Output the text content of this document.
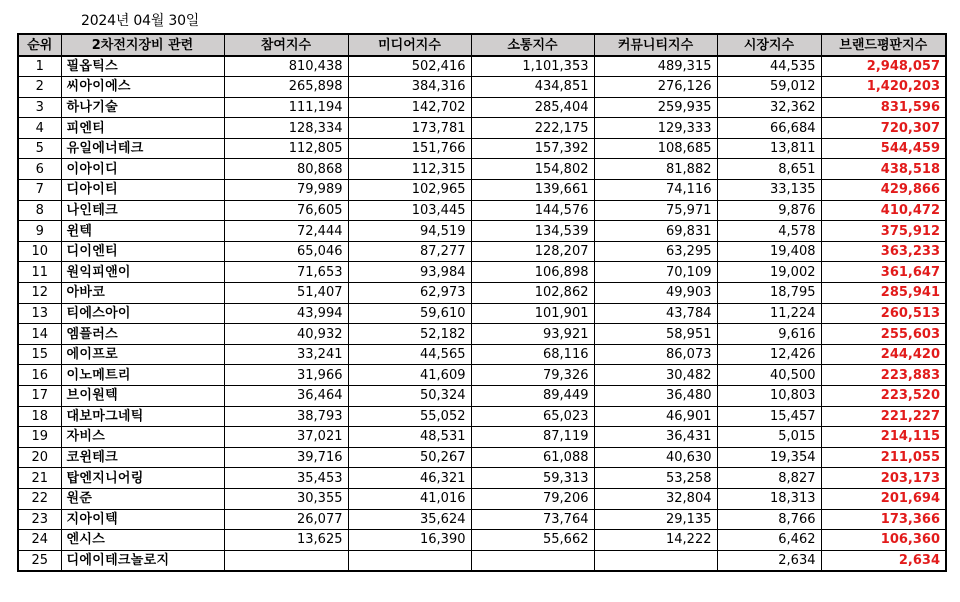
2024년 04월 30일
순위	2차전지장비 관련	참여지수	미디어지수	소통지수	커뮤니티지수	시장지수	브랜드평판지수
1	필옵틱스	810,438	502,416	1,101,353	489,315	44,535	2,948,057
2	씨아이에스	265,898	384,316	434,851	276,126	59,012	1,420,203
3	하나기술	111,194	142,702	285,404	259,935	32,362	831,596
4	피엔티	128,334	173,781	222,175	129,333	66,684	720,307
5	유일에너테크	112,805	151,766	157,392	108,685	13,811	544,459
6	이아이디	80,868	112,315	154,802	81,882	8,651	438,518
7	디아이티	79,989	102,965	139,661	74,116	33,135	429,866
8	나인테크	76,605	103,445	144,576	75,971	9,876	410,472
9	윈텍	72,444	94,519	134,539	69,831	4,578	375,912
10	디이엔티	65,046	87,277	128,207	63,295	19,408	363,233
11	원익피앤이	71,653	93,984	106,898	70,109	19,002	361,647
12	아바코	51,407	62,973	102,862	49,903	18,795	285,941
13	티에스아이	43,994	59,610	101,901	43,784	11,224	260,513
14	엠플러스	40,932	52,182	93,921	58,951	9,616	255,603
15	에이프로	33,241	44,565	68,116	86,073	12,426	244,420
16	이노메트리	31,966	41,609	79,326	30,482	40,500	223,883
17	브이원텍	36,464	50,324	89,449	36,480	10,803	223,520
18	대보마그네틱	38,793	55,052	65,023	46,901	15,457	221,227
19	자비스	37,021	48,531	87,119	36,431	5,015	214,115
20	코윈테크	39,716	50,267	61,088	40,630	19,354	211,055
21	탑엔지니어링	35,453	46,321	59,313	53,258	8,827	203,173
22	원준	30,355	41,016	79,206	32,804	18,313	201,694
23	지아이텍	26,077	35,624	73,764	29,135	8,766	173,366
24	엔시스	13,625	16,390	55,662	14,222	6,462	106,360
25	디에이테크놀로지					2,634	2,634
